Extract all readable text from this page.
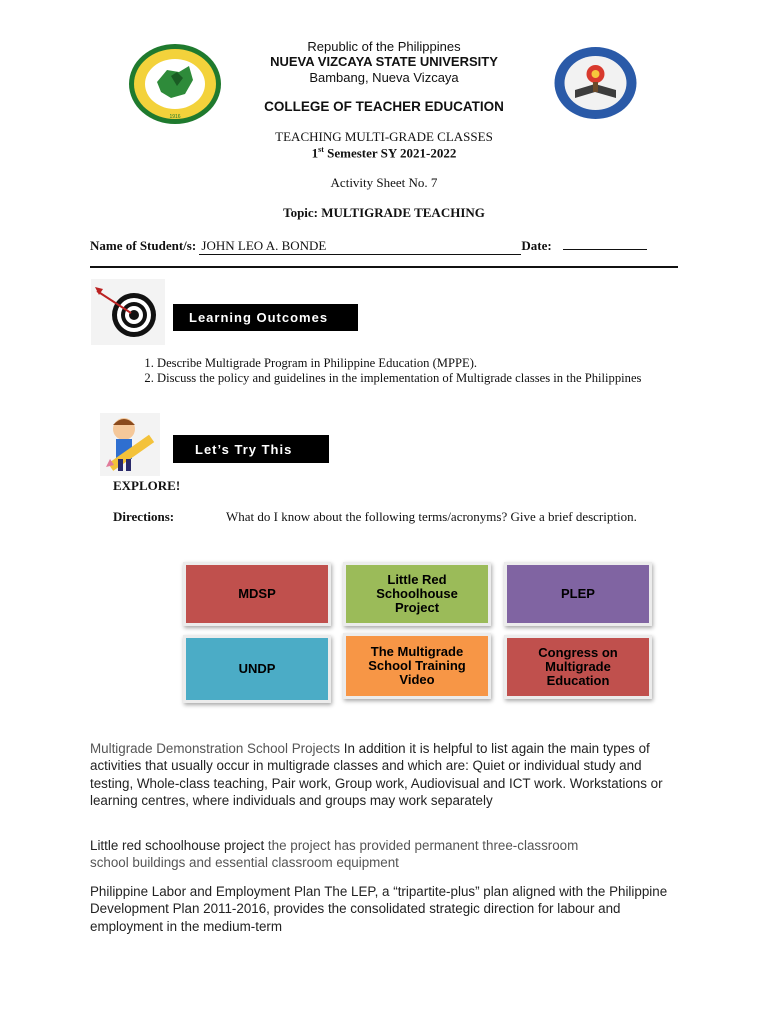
1916
Republic of the Philippines
NUEVA VIZCAYA STATE UNIVERSITY
Bambang, Nueva Vizcaya
COLLEGE OF TEACHER EDUCATION
TEACHING MULTI-GRADE CLASSES
1st Semester SY 2021-2022
Activity Sheet No. 7
Topic: MULTIGRADE TEACHING
Name of Student/s: JOHN LEO A. BONDE	Date:
Learning Outcomes
1. Describe Multigrade Program in Philippine Education (MPPE).
2. Discuss the policy and guidelines in the implementation of Multigrade classes in the Philippines
Let’s Try This
EXPLORE!
Directions:	What do I know about the following terms/acronyms? Give a brief description.
MDSP
Little Red Schoolhouse Project
PLEP
UNDP
The Multigrade School Training Video
Congress on Multigrade Education
Multigrade Demonstration School Projects In addition it is helpful to list again the main types of activities that usually occur in multigrade classes and which are: Quiet or individual study and testing, Whole-class teaching, Pair work, Group work, Audiovisual and ICT work. Workstations or learning centres, where individuals and groups may work separately
Little red schoolhouse project the project has provided permanent three-classroom school buildings and essential classroom equipment
Philippine Labor and Employment Plan The LEP, a “tripartite-plus” plan aligned with the Philippine Development Plan 2011-2016, provides the consolidated strategic direction for labour and employment in the medium-term
